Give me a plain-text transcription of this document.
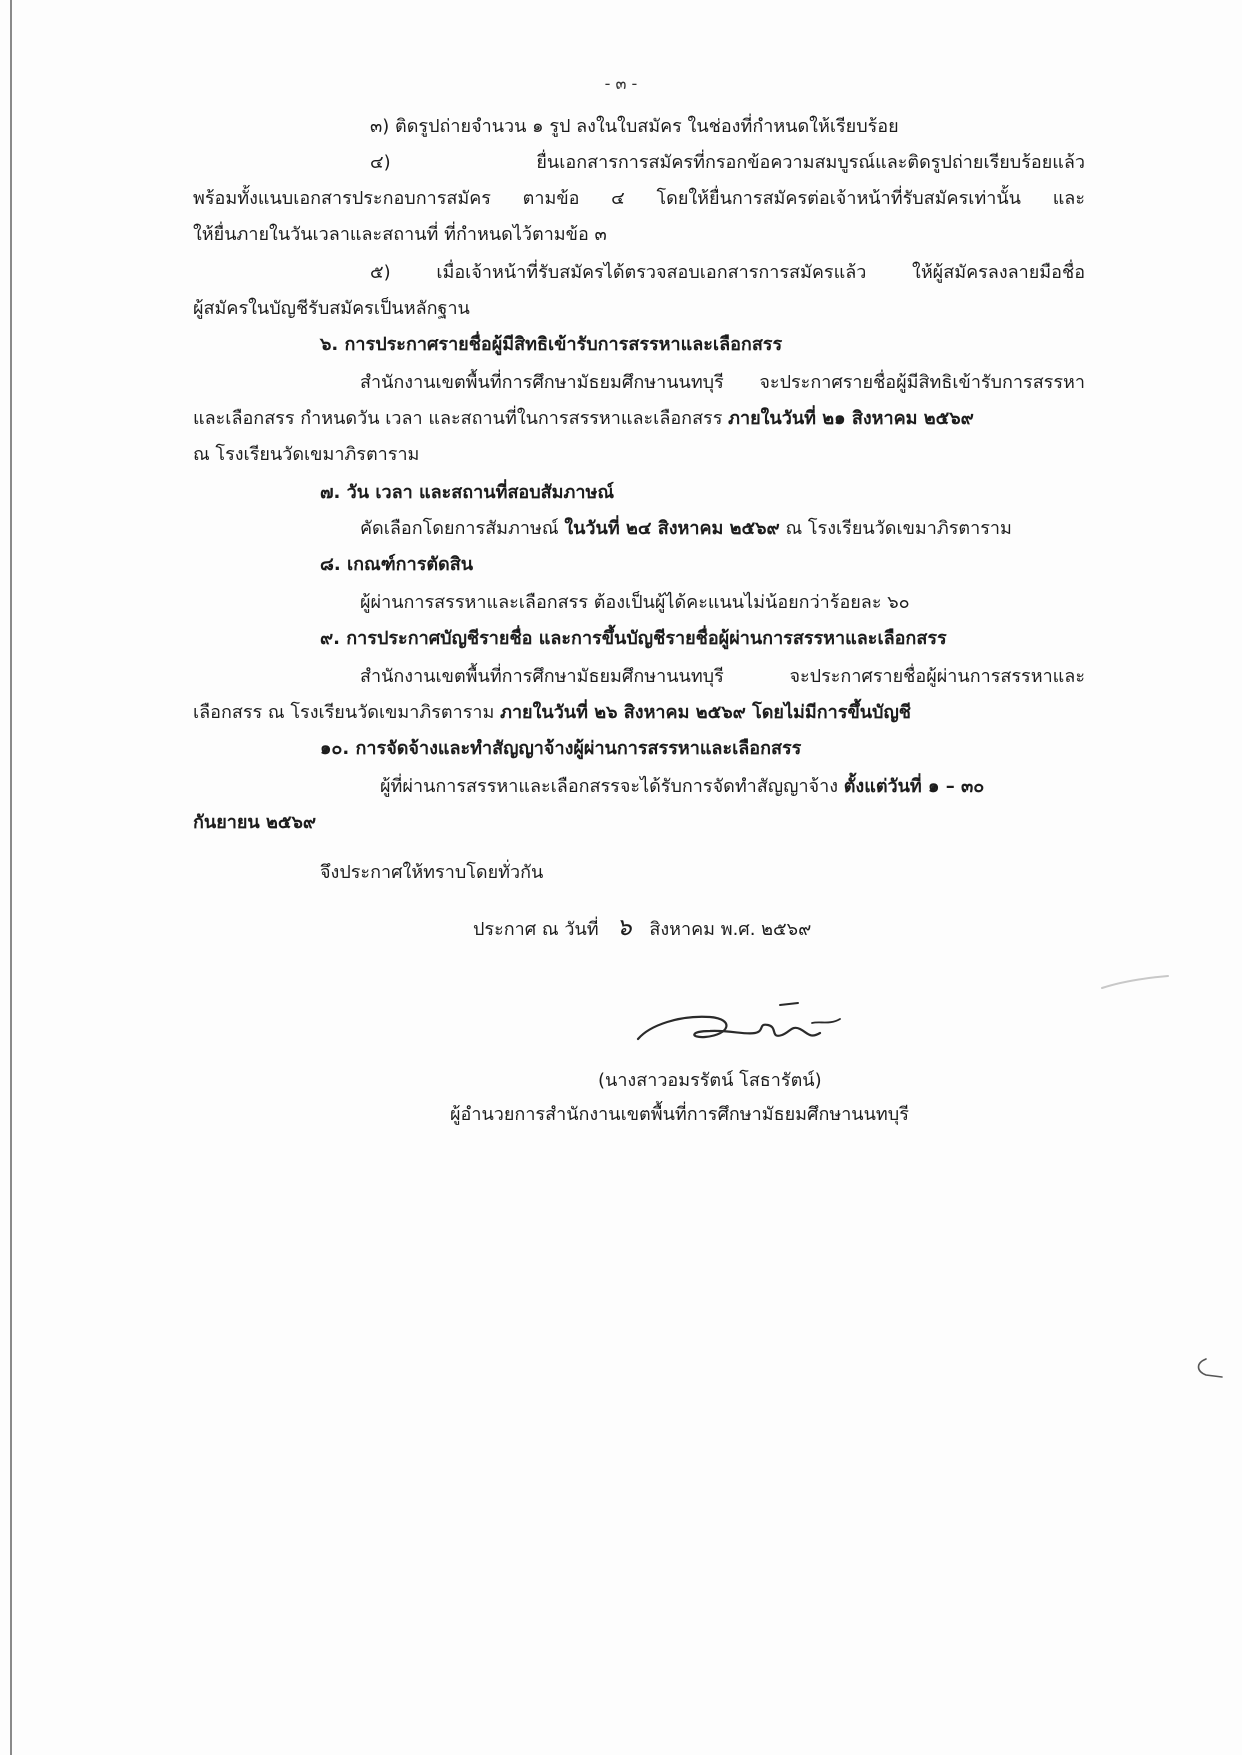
- ๓ -
๓) ติดรูปถ่ายจำนวน ๑ รูป ลงในใบสมัคร ในช่องที่กำหนดให้เรียบร้อย
๔) ยื่นเอกสารการสมัครที่กรอกข้อความสมบูรณ์และติดรูปถ่ายเรียบร้อยแล้ว
พร้อมทั้งแนบเอกสารประกอบการสมัคร ตามข้อ ๔ โดยให้ยื่นการสมัครต่อเจ้าหน้าที่รับสมัครเท่านั้น และ
ให้ยื่นภายในวันเวลาและสถานที่ ที่กำหนดไว้ตามข้อ ๓
๕) เมื่อเจ้าหน้าที่รับสมัครได้ตรวจสอบเอกสารการสมัครแล้ว ให้ผู้สมัครลงลายมือชื่อ
ผู้สมัครในบัญชีรับสมัครเป็นหลักฐาน
๖. การประกาศรายชื่อผู้มีสิทธิเข้ารับการสรรหาและเลือกสรร
สำนักงานเขตพื้นที่การศึกษามัธยมศึกษานนทบุรี จะประกาศรายชื่อผู้มีสิทธิเข้ารับการสรรหา
และเลือกสรร กำหนดวัน เวลา และสถานที่ในการสรรหาและเลือกสรร ภายในวันที่ ๒๑ สิงหาคม ๒๕๖๙
ณ โรงเรียนวัดเขมาภิรตาราม
๗. วัน เวลา และสถานที่สอบสัมภาษณ์
คัดเลือกโดยการสัมภาษณ์ ในวันที่ ๒๔ สิงหาคม ๒๕๖๙ ณ โรงเรียนวัดเขมาภิรตาราม
๘. เกณฑ์การตัดสิน
ผู้ผ่านการสรรหาและเลือกสรร ต้องเป็นผู้ได้คะแนนไม่น้อยกว่าร้อยละ ๖๐
๙. การประกาศบัญชีรายชื่อ และการขึ้นบัญชีรายชื่อผู้ผ่านการสรรหาและเลือกสรร
สำนักงานเขตพื้นที่การศึกษามัธยมศึกษานนทบุรี จะประกาศรายชื่อผู้ผ่านการสรรหาและ
เลือกสรร ณ โรงเรียนวัดเขมาภิรตาราม ภายในวันที่ ๒๖ สิงหาคม ๒๕๖๙ โดยไม่มีการขึ้นบัญชี
๑๐. การจัดจ้างและทำสัญญาจ้างผู้ผ่านการสรรหาและเลือกสรร
ผู้ที่ผ่านการสรรหาและเลือกสรรจะได้รับการจัดทำสัญญาจ้าง ตั้งแต่วันที่ ๑ – ๓๐
กันยายน ๒๕๖๙
จึงประกาศให้ทราบโดยทั่วกัน
ประกาศ ณ วันที่ ๖ สิงหาคม พ.ศ. ๒๕๖๙
(นางสาวอมรรัตน์ โสธารัตน์)
ผู้อำนวยการสำนักงานเขตพื้นที่การศึกษามัธยมศึกษานนทบุรี
